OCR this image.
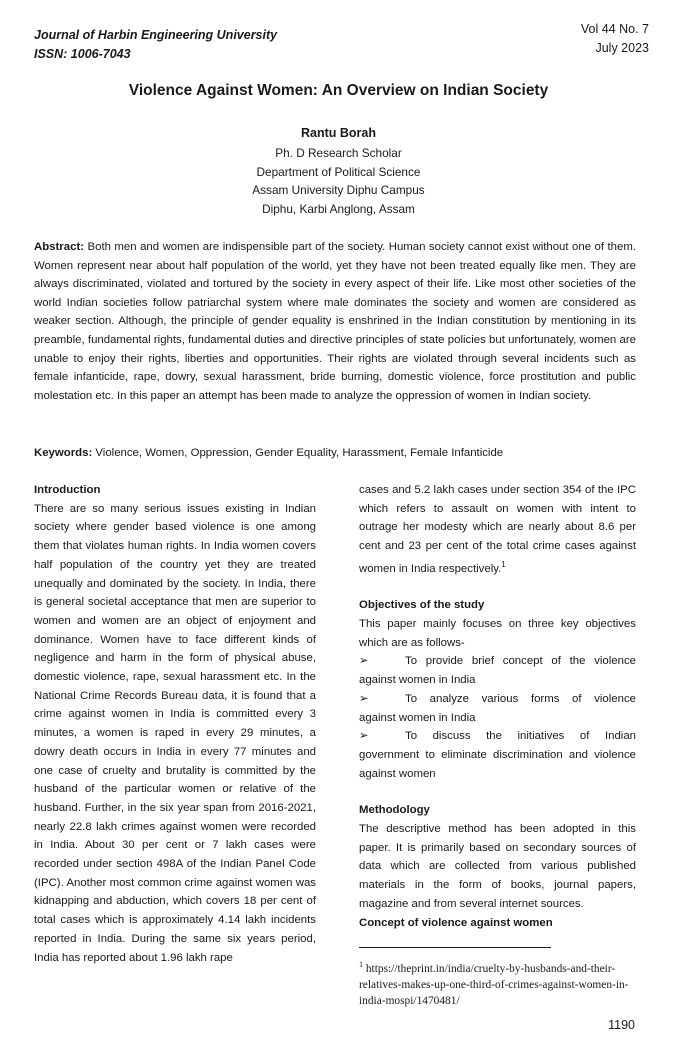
Journal of Harbin Engineering University
ISSN: 1006-7043
Vol 44 No. 7
July 2023
Violence Against Women: An Overview on Indian Society
Rantu Borah
Ph. D Research Scholar
Department of Political Science
Assam University Diphu Campus
Diphu, Karbi Anglong, Assam
Abstract: Both men and women are indispensible part of the society. Human society cannot exist without one of them. Women represent near about half population of the world, yet they have not been treated equally like men. They are always discriminated, violated and tortured by the society in every aspect of their life. Like most other societies of the world Indian societies follow patriarchal system where male dominates the society and women are considered as weaker section. Although, the principle of gender equality is enshrined in the Indian constitution by mentioning in its preamble, fundamental rights, fundamental duties and directive principles of state policies but unfortunately, women are unable to enjoy their rights, liberties and opportunities. Their rights are violated through several incidents such as female infanticide, rape, dowry, sexual harassment, bride burning, domestic violence, force prostitution and public molestation etc. In this paper an attempt has been made to analyze the oppression of women in Indian society.
Keywords: Violence, Women, Oppression, Gender Equality, Harassment, Female Infanticide
Introduction
There are so many serious issues existing in Indian society where gender based violence is one among them that violates human rights. In India women covers half population of the country yet they are treated unequally and dominated by the society. In India, there is general societal acceptance that men are superior to women and women are an object of enjoyment and dominance. Women have to face different kinds of negligence and harm in the form of physical abuse, domestic violence, rape, sexual harassment etc. In the National Crime Records Bureau data, it is found that a crime against women in India is committed every 3 minutes, a women is raped in every 29 minutes, a dowry death occurs in India in every 77 minutes and one case of cruelty and brutality is committed by the husband of the particular women or relative of the husband. Further, in the six year span from 2016-2021, nearly 22.8 lakh crimes against women were recorded in India. About 30 per cent or 7 lakh cases were recorded under section 498A of the Indian Panel Code (IPC). Another most common crime against women was kidnapping and abduction, which covers 18 per cent of total cases which is approximately 4.14 lakh incidents reported in India. During the same six years period, India has reported about 1.96 lakh rape
cases and 5.2 lakh cases under section 354 of the IPC which refers to assault on women with intent to outrage her modesty which are nearly about 8.6 per cent and 23 per cent of the total crime cases against women in India respectively.$^1$
Objectives of the study
This paper mainly focuses on three key objectives which are as follows-
➢	To provide brief concept of the violence
against women in India
➢	To analyze various forms of violence
against women in India
➢	To discuss the initiatives of Indian
government to eliminate discrimination and violence against women
Methodology
The descriptive method has been adopted in this paper. It is primarily based on secondary sources of data which are collected from various published materials in the form of books, journal papers, magazine and from several internet sources.
Concept of violence against women
$^1$ https://theprint.in/india/cruelty-by-husbands-and-their-relatives-makes-up-one-third-of-crimes-against-women-in-india-mospi/1470481/
1190
